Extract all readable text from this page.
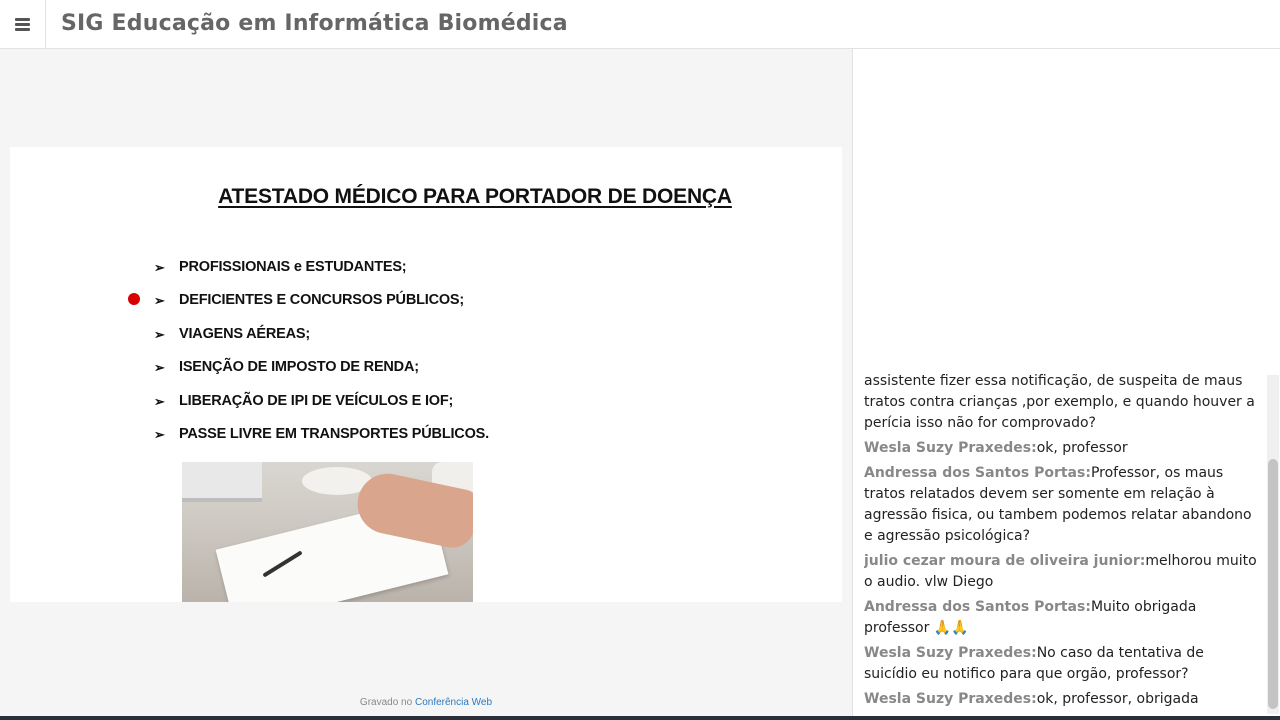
SIG Educação em Informática Biomédica
ATESTADO MÉDICO PARA PORTADOR DE DOENÇA
➢ PROFISSIONAIS e ESTUDANTES;
➢ DEFICIENTES E CONCURSOS PÚBLICOS;
➢ VIAGENS AÉREAS;
➢ ISENÇÃO DE IMPOSTO DE RENDA;
➢ LIBERAÇÃO DE IPI DE VEÍCULOS E IOF;
➢ PASSE LIVRE EM TRANSPORTES PÚBLICOS.
Gravado no Conferência Web
assistente fizer essa notificação, de suspeita de maus tratos contra crianças ,por exemplo, e quando houver a perícia isso não for comprovado?
Wesla Suzy Praxedes:ok, professor
Andressa dos Santos Portas:Professor, os maus tratos relatados devem ser somente em relação à agressão fisica, ou tambem podemos relatar abandono e agressão psicológica?
julio cezar moura de oliveira junior:melhorou muito o audio. vlw Diego
Andressa dos Santos Portas:Muito obrigada professor 🙏🙏
Wesla Suzy Praxedes:No caso da tentativa de suicídio eu notifico para que orgão, professor?
Wesla Suzy Praxedes:ok, professor, obrigada
